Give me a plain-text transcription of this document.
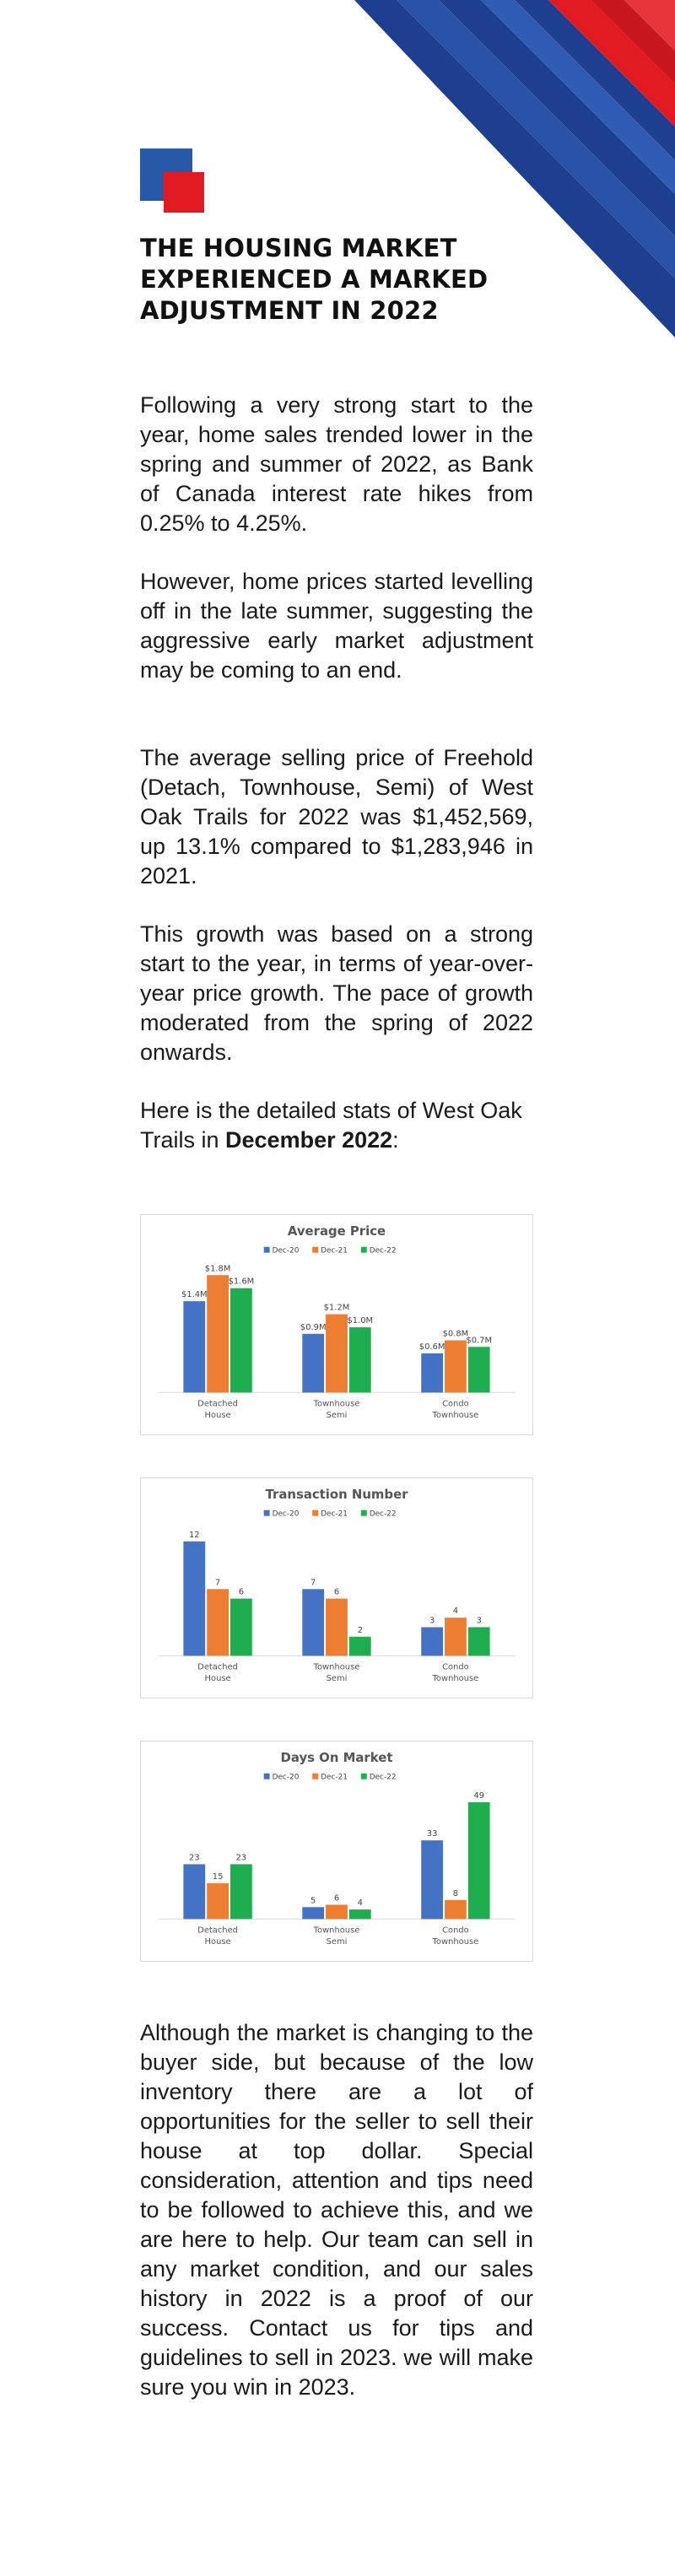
THE HOUSING MARKET EXPERIENCED A MARKED ADJUSTMENT IN 2022

Following a very strong start to the year, home sales trended lower in the spring and summer of 2022, as Bank of Canada interest rate hikes from 0.25% to 4.25%.

However, home prices started levelling off in the late summer, suggesting the aggressive early market adjustment may be coming to an end.

The average selling price of Freehold (Detach, Townhouse, Semi) of West Oak Trails for 2022 was $1,452,569, up 13.1% compared to $1,283,946 in 2021.

This growth was based on a strong start to the year, in terms of year-over-year price growth. The pace of growth moderated from the spring of 2022 onwards.

Here is the detailed stats of West Oak Trails in December 2022:

Average Price
Dec-20	Dec-21	Dec-22
$1.4M
$1.8M
$1.6M
Detached
House
$0.9M
$1.2M
$1.0M
Townhouse
Semi
$0.6M
$0.8M
$0.7M
Condo
Townhouse
Transaction Number
Dec-20	Dec-21	Dec-22
12
7
6
Detached
House
7
6
2
Townhouse
Semi
3
4
3
Condo
Townhouse
Days On Market
Dec-20	Dec-21	Dec-22
23
15
23
Detached
House
5 6
4
Townhouse
Semi
33
8
49
Condo
Townhouse

Although the market is changing to the buyer side, but because of the low inventory there are a lot of opportunities for the seller to sell their house at top dollar. Special consideration, attention and tips need to be followed to achieve this, and we are here to help. Our team can sell in any market condition, and our sales history in 2022 is a proof of our success. Contact us for tips and guidelines to sell in 2023. we will make sure you win in 2023.
